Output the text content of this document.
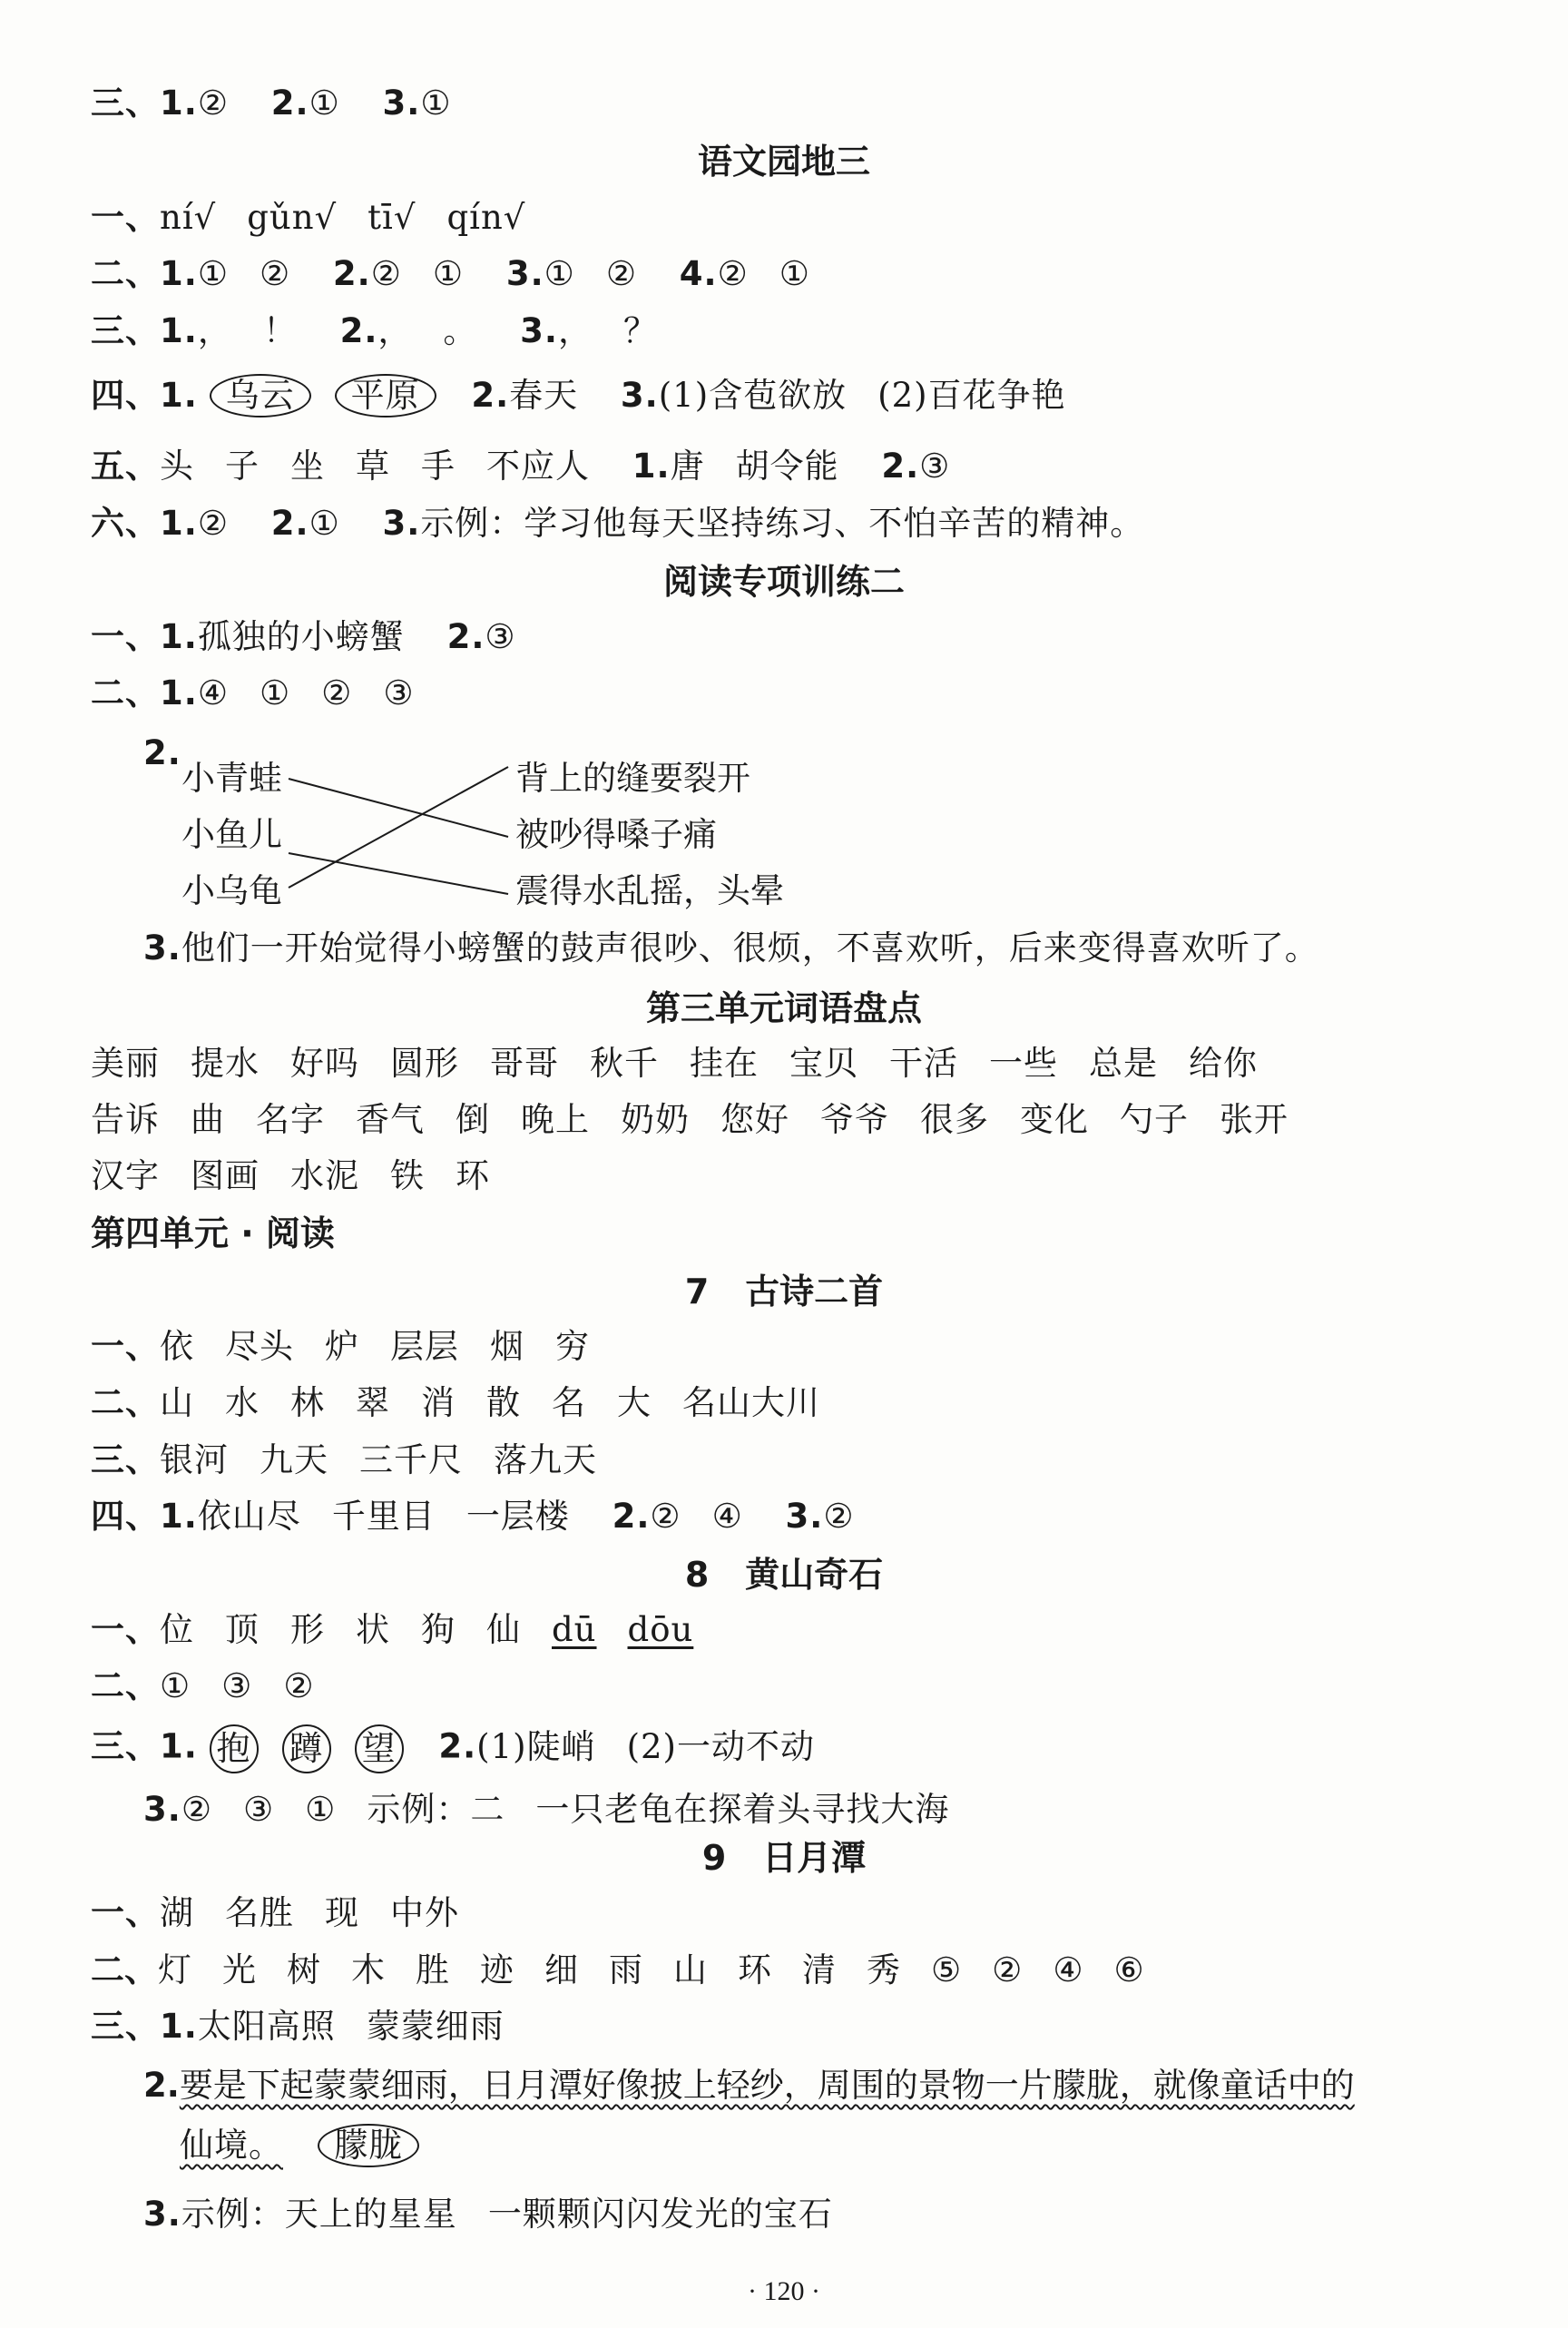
三、1.② 2.① 3.①
语文园地三
一、ní√ gǔn√ tī√ qín√
二、1.① ② 2.② ① 3.① ② 4.② ①
三、1.， ！ 2.， 。 3.， ？
四、1. 乌云 平原 2.春天 3.(1)含苞欲放 (2)百花争艳
五、头 子 坐 草 手 不应人 1.唐 胡令能 2.③
六、1.② 2.① 3.示例：学习他每天坚持练习、不怕辛苦的精神。
阅读专项训练二
一、1.孤独的小螃蟹 2.③
二、1.④ ① ② ③
2.
小青蛙
小鱼儿
小乌龟
背上的缝要裂开
被吵得嗓子痛
震得水乱摇，头晕
3.他们一开始觉得小螃蟹的鼓声很吵、很烦，不喜欢听，后来变得喜欢听了。
第三单元词语盘点
美丽 提水 好吗 圆形 哥哥 秋千 挂在 宝贝 干活 一些 总是 给你
告诉 曲 名字 香气 倒 晚上 奶奶 您好 爷爷 很多 变化 勺子 张开
汉字 图画 水泥 铁 环
第四单元 · 阅读
7 古诗二首
一、依 尽头 炉 层层 烟 穷
二、山 水 林 翠 消 散 名 大 名山大川
三、银河 九天 三千尺 落九天
四、1.依山尽 千里目 一层楼 2.② ④ 3.②
8 黄山奇石
一、位 顶 形 状 狗 仙 dū dōu
二、① ③ ②
三、1. 抱 蹲 望 2.(1)陡峭 (2)一动不动
3.② ③ ① 示例：二 一只老龟在探着头寻找大海
9 日月潭
一、湖 名胜 现 中外
二、灯 光 树 木 胜 迹 细 雨 山 环 清 秀 ⑤ ② ④ ⑥
三、1.太阳高照 蒙蒙细雨
2.要是下起蒙蒙细雨，日月潭好像披上轻纱，周围的景物一片朦胧，就像童话中的
仙境。 朦胧
3.示例：天上的星星 一颗颗闪闪发光的宝石
· 120 ·
